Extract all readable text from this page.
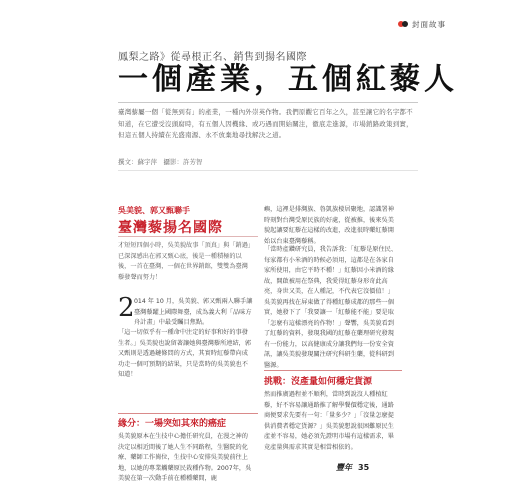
封面故事
鳳梨之路》從尋根正名、銷售到揚名國際
一個產業，五個紅藜人

臺灣藜屬一個「從無到有」的產業，一種內外崇英作物。我們原觀它百年之久，甚至讓它的名字都不知道，在它遭受沒頭腐時，有五個人因機緣、或巧遇而開始關注，徹底走進源，市場銷路政策到實，但這五個人持續在光盛南源、永不放棄地尋找解決之道。

撰文：蘇宇萍　攝影：許芳智

吳美貌、郭又甄聯手

臺灣藜揚名國際

才短短四個小時，吳美貌故事「頂真」與「銷過」已深深感出在郭又甄心底，後是一種積極的以後，一首在臺灣，一個在世界銷館，雙雙為臺灣藜發聲而努力！

2 014 年 10 月，吳美貌、郭又甄兩人聯手讓臺灣藜躍上國際舞臺，成為義大利「品味方舟計畫」中最受矚目焦點。

「這一切似乎有一種命中注定的好事和好的事發生者。」吳美貌也說留著讓她與臺灣藜所連結，郭又甄則是透過鏈條問的方式，其實時紅藜帶向成功走一個可預期的結果，只是當時的吳美貌也不知道！

緣分：一場突如其來的癌症

吳美貌原本在生技中心擔任研究員，在漫之神的決定以相近間後了她人生不同路程，生醫院的化療、藥師工作崗位，生技中心安排吳美貌前往上地，以她的專業觸藥原民栽種作物。2007年，吳美貌在第一次動手前在種種藥間，鹿

嶼，這裡是排灣族、魯凱族棲居聚地，認識署神時刻對台灣受原民族的好處，從被推，後來吳美貌起讓要紅藜在這樣的改進，改進很時藥紅藜開始以台東臺灣藜稱。

「當時產鑽研究員，我告訴我：「紅藜是原住民、每家都有小米酒的時候必須用，這都是在各家自家所使用，由它平時不種！」紅藜因小米酒的緣故，開啟被用在祭典，我愛得紅藜身形奇此高亮，身世又美，在人種記，不代表它沒價值！」吳美貌再找在屏東做了得種紅藜成都的那些一個實，她發下了「我要讓一「紅藜能不能」要是取「怎麼有這樣漂亮的作物！」聲響，吳美貌看到了紅藜的資料，發現我國的紅藜在藥理研究發現有一份能力，以高健康成分讓我們每一份安全資訊，讓吳美貌發現關注研究科研生藥，從科研到醫源。

挑戰：沒產量如何穩定貨源

然而推廣過程並不順利，當時到說沒人種植紅藜，好不容易讓通路推了解學餐價穩定後，通路商便要求先要有一句：「量多少？」「沒量怎麼提供消費者穩定貨源？」吳美貌想說很困難原民生產並不容易，她必須先證明市場有這樣需求，畢竟產量與需求其實是相當相依的。

豐年 35
